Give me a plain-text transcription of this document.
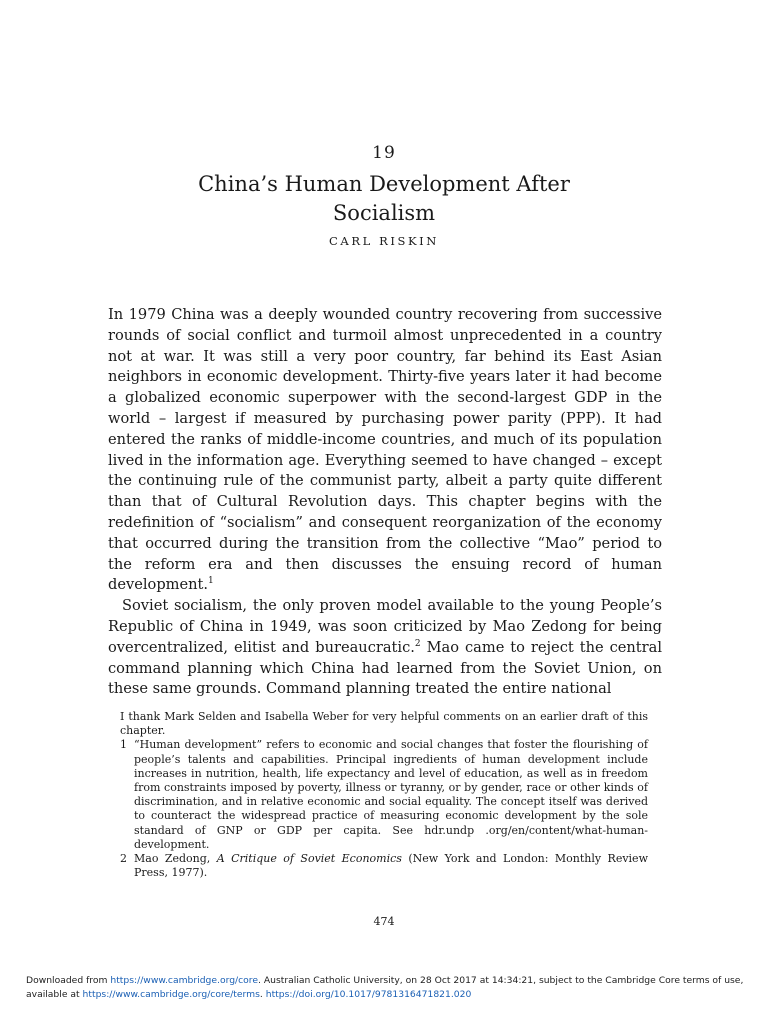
19
China’s Human Development After
Socialism
CARL RISKIN

In 1979 China was a deeply wounded country recovering from successive rounds of social conflict and turmoil almost unprecedented in a country not at war. It was still a very poor country, far behind its East Asian neighbors in economic development. Thirty-five years later it had become a globalized economic superpower with the second-largest GDP in the world – largest if measured by purchasing power parity (PPP). It had entered the ranks of middle-income countries, and much of its population lived in the information age. Everything seemed to have changed – except the continuing rule of the communist party, albeit a party quite different than that of Cultural Revolution days. This chapter begins with the redefinition of “socialism” and consequent reorganization of the economy that occurred during the transition from the collective “Mao” period to the reform era and then discusses the ensuing record of human development.$^1$

Soviet socialism, the only proven model available to the young People’s Republic of China in 1949, was soon criticized by Mao Zedong for being overcentralized, elitist and bureaucratic.$^2$ Mao came to reject the central command planning which China had learned from the Soviet Union, on these same grounds. Command planning treated the entire national

I thank Mark Selden and Isabella Weber for very helpful comments on an earlier draft of this chapter.

1 “Human development” refers to economic and social changes that foster the flourishing of people’s talents and capabilities. Principal ingredients of human development include increases in nutrition, health, life expectancy and level of education, as well as in freedom from constraints imposed by poverty, illness or tyranny, or by gender, race or other kinds of discrimination, and in relative economic and social equality. The concept itself was derived to counteract the widespread practice of measuring economic development by the sole standard of GNP or GDP per capita. See hdr.undp .org/en/content/what-human-development.

2 Mao Zedong, A Critique of Soviet Economics (New York and London: Monthly Review Press, 1977).

474
Downloaded from https://www.cambridge.org/core. Australian Catholic University, on 28 Oct 2017 at 14:34:21, subject to the Cambridge Core terms of use, available at https://www.cambridge.org/core/terms. https://doi.org/10.1017/9781316471821.020
